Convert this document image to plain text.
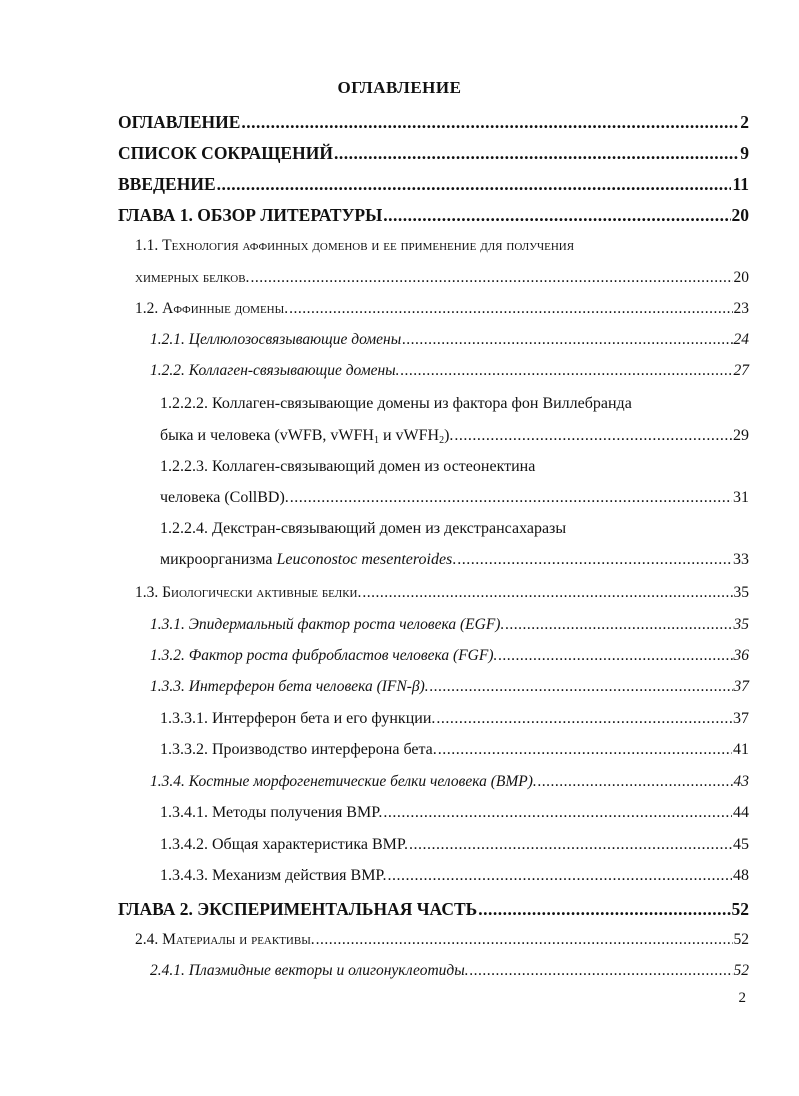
ОГЛАВЛЕНИЕ
ОГЛАВЛЕНИЕ .....	2
СПИСОК СОКРАЩЕНИЙ .....	9
ВВЕДЕНИЕ .....	11
ГЛАВА 1. ОБЗОР ЛИТЕРАТУРЫ .....	20
1.1. Технология аффинных доменов и ее применение для получения
химерных белков. .....	20
1.2. Аффинные домены. .....	23
1.2.1. Целлюлозосвязывающие домены .....	24
1.2.2. Коллаген-связывающие домены. .....	27
1.2.2.2. Коллаген-связывающие домены из фактора фон Виллебранда
быка и человека (vWFB, vWFH$_1$ и vWFH$_2$). .....	29
1.2.2.3. Коллаген-связывающий домен из остеонектина
человека (CollBD). .....	31
1.2.2.4. Декстран-связывающий домен из декстрансахаразы
микроорганизма Leuconostoc mesenteroides. .....	33
1.3. Биологически активные белки. .....	35
1.3.1. Эпидермальный фактор роста человека (EGF). .....	35
1.3.2. Фактор роста фибробластов человека (FGF). .....	36
1.3.3. Интерферон бета человека (IFN-β). .....	37
1.3.3.1. Интерферон бета и его функции. .....	37
1.3.3.2. Производство интерферона бета. .....	41
1.3.4. Костные морфогенетические белки человека (BMP). .....	43
1.3.4.1. Методы получения BMP. .....	44
1.3.4.2. Общая характеристика BMP. .....	45
1.3.4.3. Механизм действия BMP. .....	48
ГЛАВА 2. ЭКСПЕРИМЕНТАЛЬНАЯ ЧАСТЬ .....	52
2.4. Материалы и реактивы. .....	52
2.4.1. Плазмидные векторы и олигонуклеотиды. .....	52
2
